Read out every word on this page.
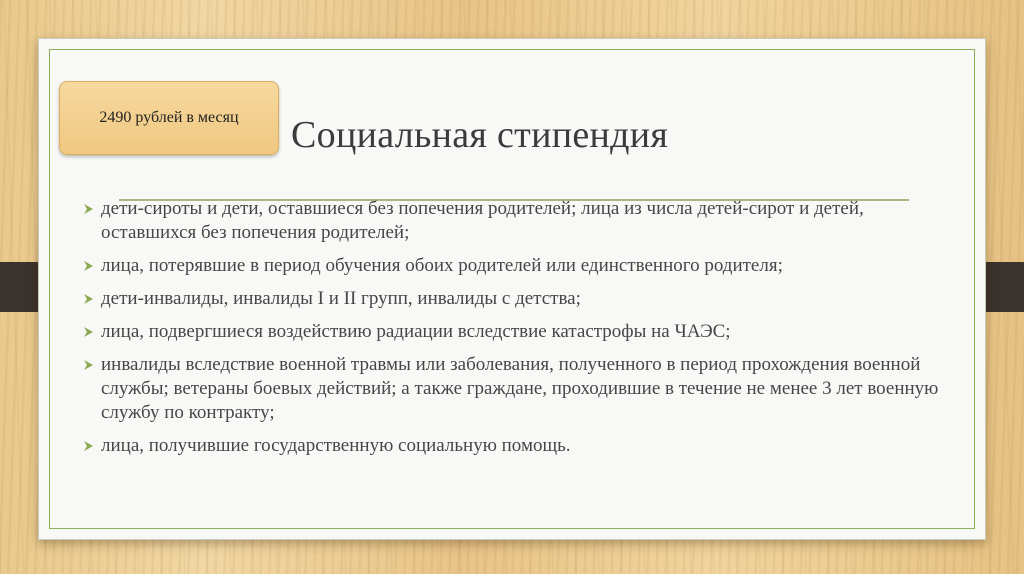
2490 рублей в месяц Социальная стипендия
дети-сироты и дети, оставшиеся без попечения родителей; лица из числа детей-сирот и детей, оставшихся без попечения родителей;
лица, потерявшие в период обучения обоих родителей или единственного родителя;
дети-инвалиды, инвалиды I и II групп, инвалиды с детства;
лица, подвергшиеся воздействию радиации вследствие катастрофы на ЧАЭС;
инвалиды вследствие военной травмы или заболевания, полученного в период прохождения военной службы; ветераны боевых действий; а также граждане, проходившие в течение не менее 3 лет военную службу по контракту;
лица, получившие государственную социальную помощь.
